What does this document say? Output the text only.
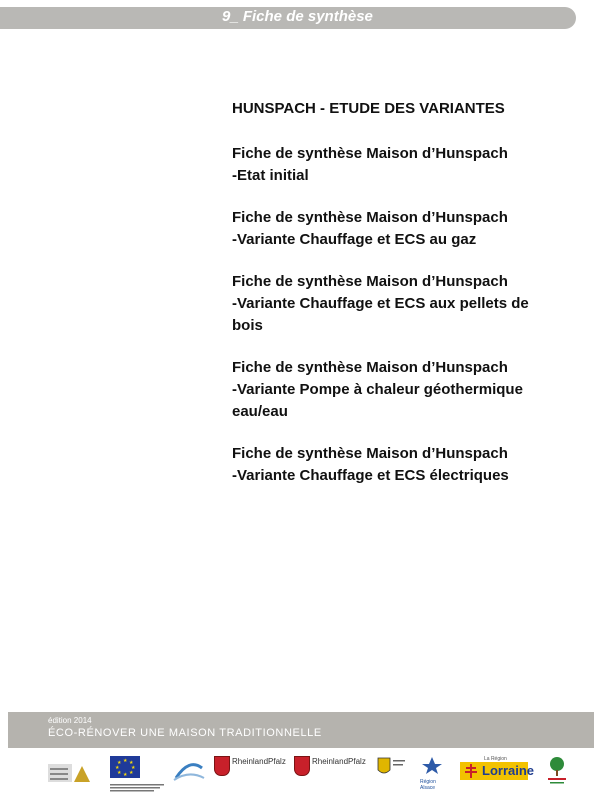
9_ Fiche de synthèse
HUNSPACH - ETUDE DES VARIANTES
Fiche de synthèse Maison d’Hunspach
-Etat initial
Fiche de synthèse Maison d’Hunspach
-Variante Chauffage et ECS au gaz
Fiche de synthèse Maison d’Hunspach
-Variante Chauffage et ECS aux pellets de bois
Fiche de synthèse Maison d’Hunspach
-Variante Pompe à chaleur géothermique eau/eau
Fiche de synthèse Maison d’Hunspach
-Variante Chauffage et ECS électriques
édition 2014
ÉCO-RÉNOVER UNE MAISON TRADITIONNELLE
★ ★
★
★
★
★
★
★	RheinlandPfalz	RheinlandPfalz
Région Alsace
La Région
Lorraine
